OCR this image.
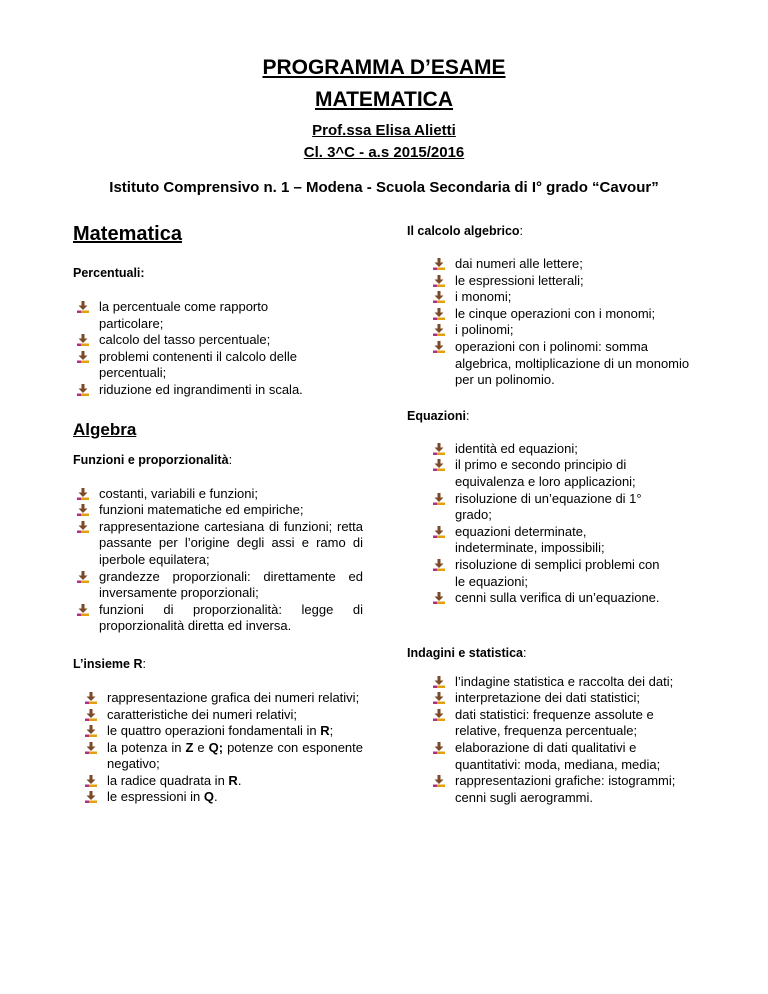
PROGRAMMA D’ESAME
MATEMATICA
Prof.ssa Elisa Alietti
Cl. 3^C - a.s 2015/2016
Istituto Comprensivo n. 1 – Modena - Scuola Secondaria di I° grado “Cavour”
Matematica

Percentuali:

la percentuale come rapporto particolare;
calcolo del tasso percentuale;
problemi contenenti il calcolo delle percentuali;
riduzione ed ingrandimenti in scala.
Algebra

Funzioni e proporzionalità:

costanti, variabili e funzioni;
funzioni matematiche ed empiriche;
rappresentazione cartesiana di funzioni; retta passante per l’origine degli assi e ramo di iperbole equilatera;
grandezze proporzionali: direttamente ed inversamente proporzionali;
funzioni di proporzionalità: legge di proporzionalità diretta ed inversa.

L’insieme R:

rappresentazione grafica dei numeri relativi;
caratteristiche dei numeri relativi;
le quattro operazioni fondamentali in R;
la potenza in Z e Q; potenze con esponente negativo;
la radice quadrata in R.
le espressioni in Q.

Il calcolo algebrico:

dai numeri alle lettere;
le espressioni letterali;
i monomi;
le cinque operazioni con i monomi;
i polinomi;
operazioni con i polinomi: somma algebrica, moltiplicazione di un monomio per un polinomio.

Equazioni:

identità ed equazioni;
il primo e secondo principio di equivalenza e loro applicazioni;
risoluzione di un’equazione di 1° grado;
equazioni determinate, indeterminate, impossibili;
risoluzione di semplici problemi con le equazioni;
cenni sulla verifica di un’equazione.

Indagini e statistica:

l’indagine statistica e raccolta dei dati;
interpretazione dei dati statistici;
dati statistici: frequenze assolute e relative, frequenza percentuale;
elaborazione di dati qualitativi e quantitativi: moda, mediana, media;
rappresentazioni grafiche: istogrammi; cenni sugli aerogrammi.
